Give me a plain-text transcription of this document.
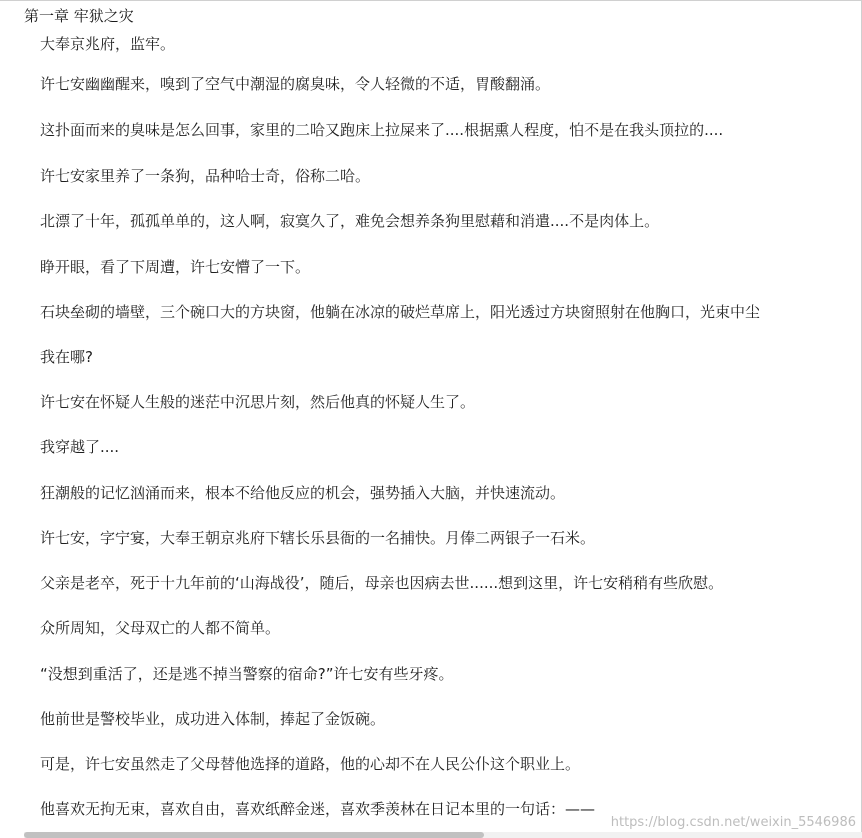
第一章 牢狱之灾
大奉京兆府，监牢。
许七安幽幽醒来，嗅到了空气中潮湿的腐臭味，令人轻微的不适，胃酸翻涌。
这扑面而来的臭味是怎么回事，家里的二哈又跑床上拉屎来了....根据熏人程度，怕不是在我头顶拉的....
许七安家里养了一条狗，品种哈士奇，俗称二哈。
北漂了十年，孤孤单单的，这人啊，寂寞久了，难免会想养条狗里慰藉和消遣....不是肉体上。
睁开眼，看了下周遭，许七安懵了一下。
石块垒砌的墙壁，三个碗口大的方块窗，他躺在冰凉的破烂草席上，阳光透过方块窗照射在他胸口，光束中尘
我在哪?
许七安在怀疑人生般的迷茫中沉思片刻，然后他真的怀疑人生了。
我穿越了....
狂潮般的记忆汹涌而来，根本不给他反应的机会，强势插入大脑，并快速流动。
许七安，字宁宴，大奉王朝京兆府下辖长乐县衙的一名捕快。月俸二两银子一石米。
父亲是老卒，死于十九年前的‘山海战役’，随后，母亲也因病去世......想到这里，许七安稍稍有些欣慰。
众所周知，父母双亡的人都不简单。
“没想到重活了，还是逃不掉当警察的宿命?”许七安有些牙疼。
他前世是警校毕业，成功进入体制，捧起了金饭碗。
可是，许七安虽然走了父母替他选择的道路，他的心却不在人民公仆这个职业上。
他喜欢无拘无束，喜欢自由，喜欢纸醉金迷，喜欢季羡林在日记本里的一句话：——
https://blog.csdn.net/weixin_5546986
